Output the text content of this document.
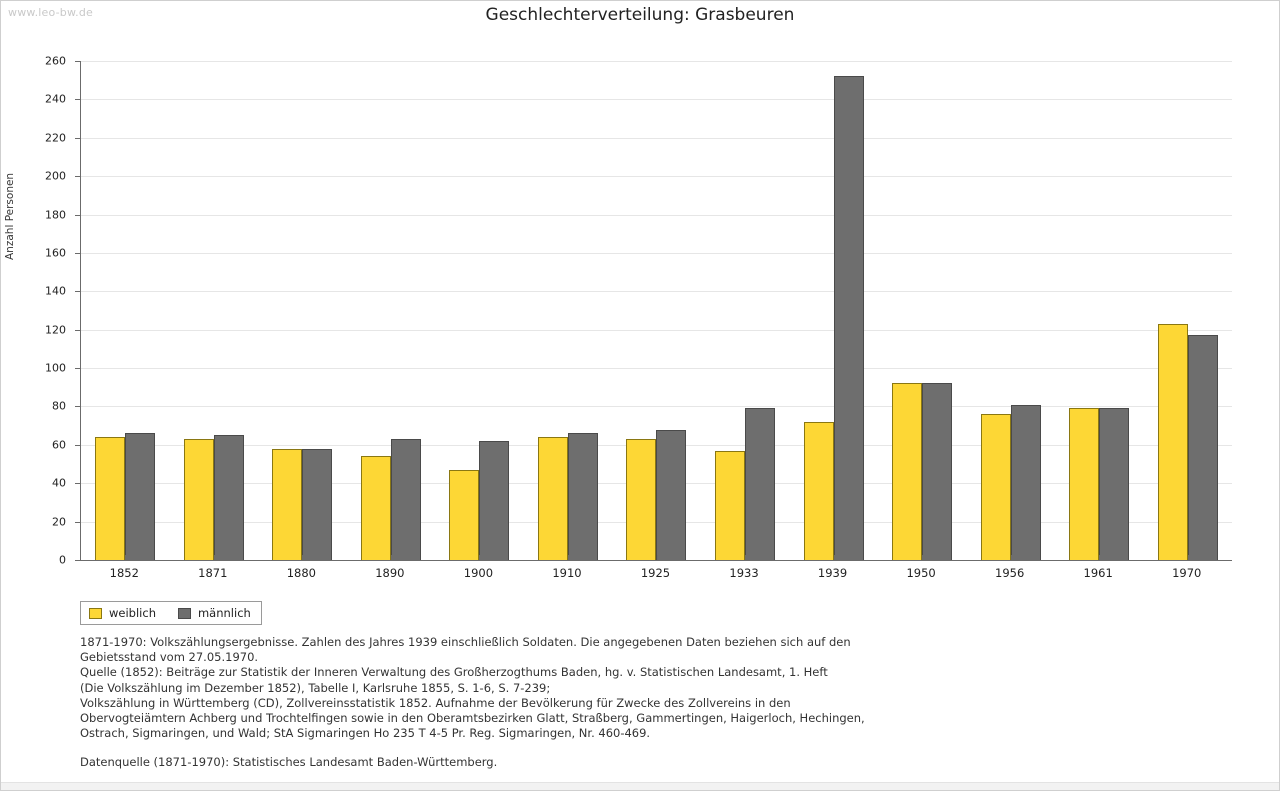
www.leo-bw.de	Geschlechterverteilung: Grasbeuren
Anzahl Personen
0
20
40
60
80
100
120
140
160
180
200
220
240
260
1852	1871	1880	1890	1900	1910	1925	1933	1939	1950	1956	1961	1970
weiblich	männlich

1871-1970: Volkszählungsergebnisse. Zahlen des Jahres 1939 einschließlich Soldaten. Die angegebenen Daten beziehen sich auf den

Gebietsstand vom 27.05.1970.

Quelle (1852): Beiträge zur Statistik der Inneren Verwaltung des Großherzogthums Baden, hg. v. Statistischen Landesamt, 1. Heft

(Die Volkszählung im Dezember 1852), Tabelle I, Karlsruhe 1855, S. 1-6, S. 7-239;

Volkszählung in Württemberg (CD), Zollvereinsstatistik 1852. Aufnahme der Bevölkerung für Zwecke des Zollvereins in den

Obervogteiämtern Achberg und Trochtelfingen sowie in den Oberamtsbezirken Glatt, Straßberg, Gammertingen, Haigerloch, Hechingen,

Ostrach, Sigmaringen, und Wald; StA Sigmaringen Ho 235 T 4-5 Pr. Reg. Sigmaringen, Nr. 460-469.

Datenquelle (1871-1970): Statistisches Landesamt Baden-Württemberg.
